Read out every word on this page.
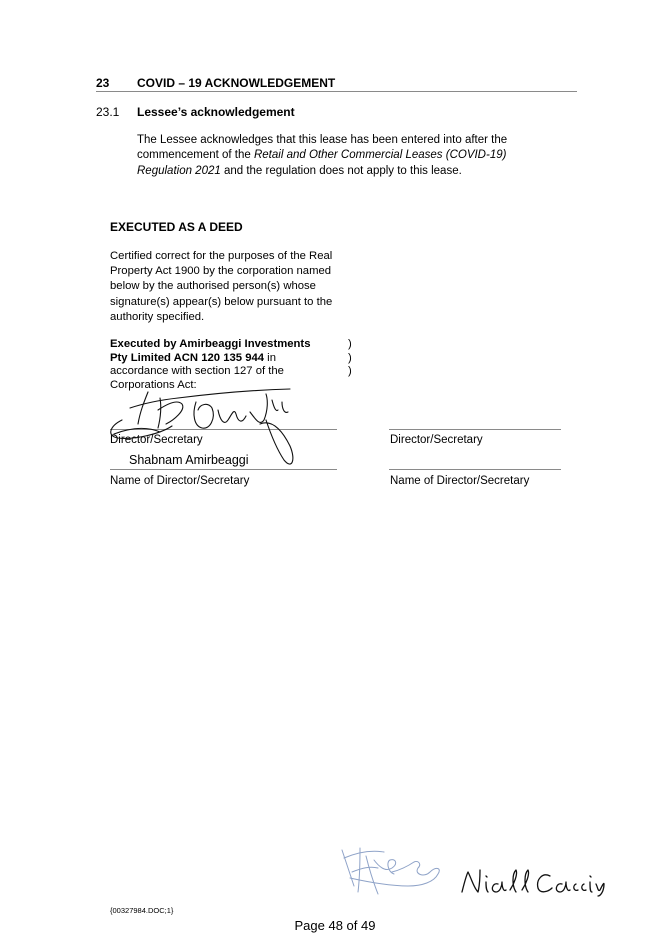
23 COVID – 19 ACKNOWLEDGEMENT
23.1 Lessee’s acknowledgement
The Lessee acknowledges that this lease has been entered into after the
commencement of the Retail and Other Commercial Leases (COVID-19)
Regulation 2021 and the regulation does not apply to this lease.
EXECUTED AS A DEED
Certified correct for the purposes of the Real
Property Act 1900 by the corporation named
below by the authorised person(s) whose
signature(s) appear(s) below pursuant to the
authority specified.
Executed by Amirbeaggi Investments
Pty Limited ACN 120 135 944 in
accordance with section 127 of the
Corporations Act:
)
)
)
Director/Secretary	Director/Secretary
Shabnam Amirbeaggi
Name of Director/Secretary	Name of Director/Secretary
{00327984.DOC;1}
Page 48 of 49
